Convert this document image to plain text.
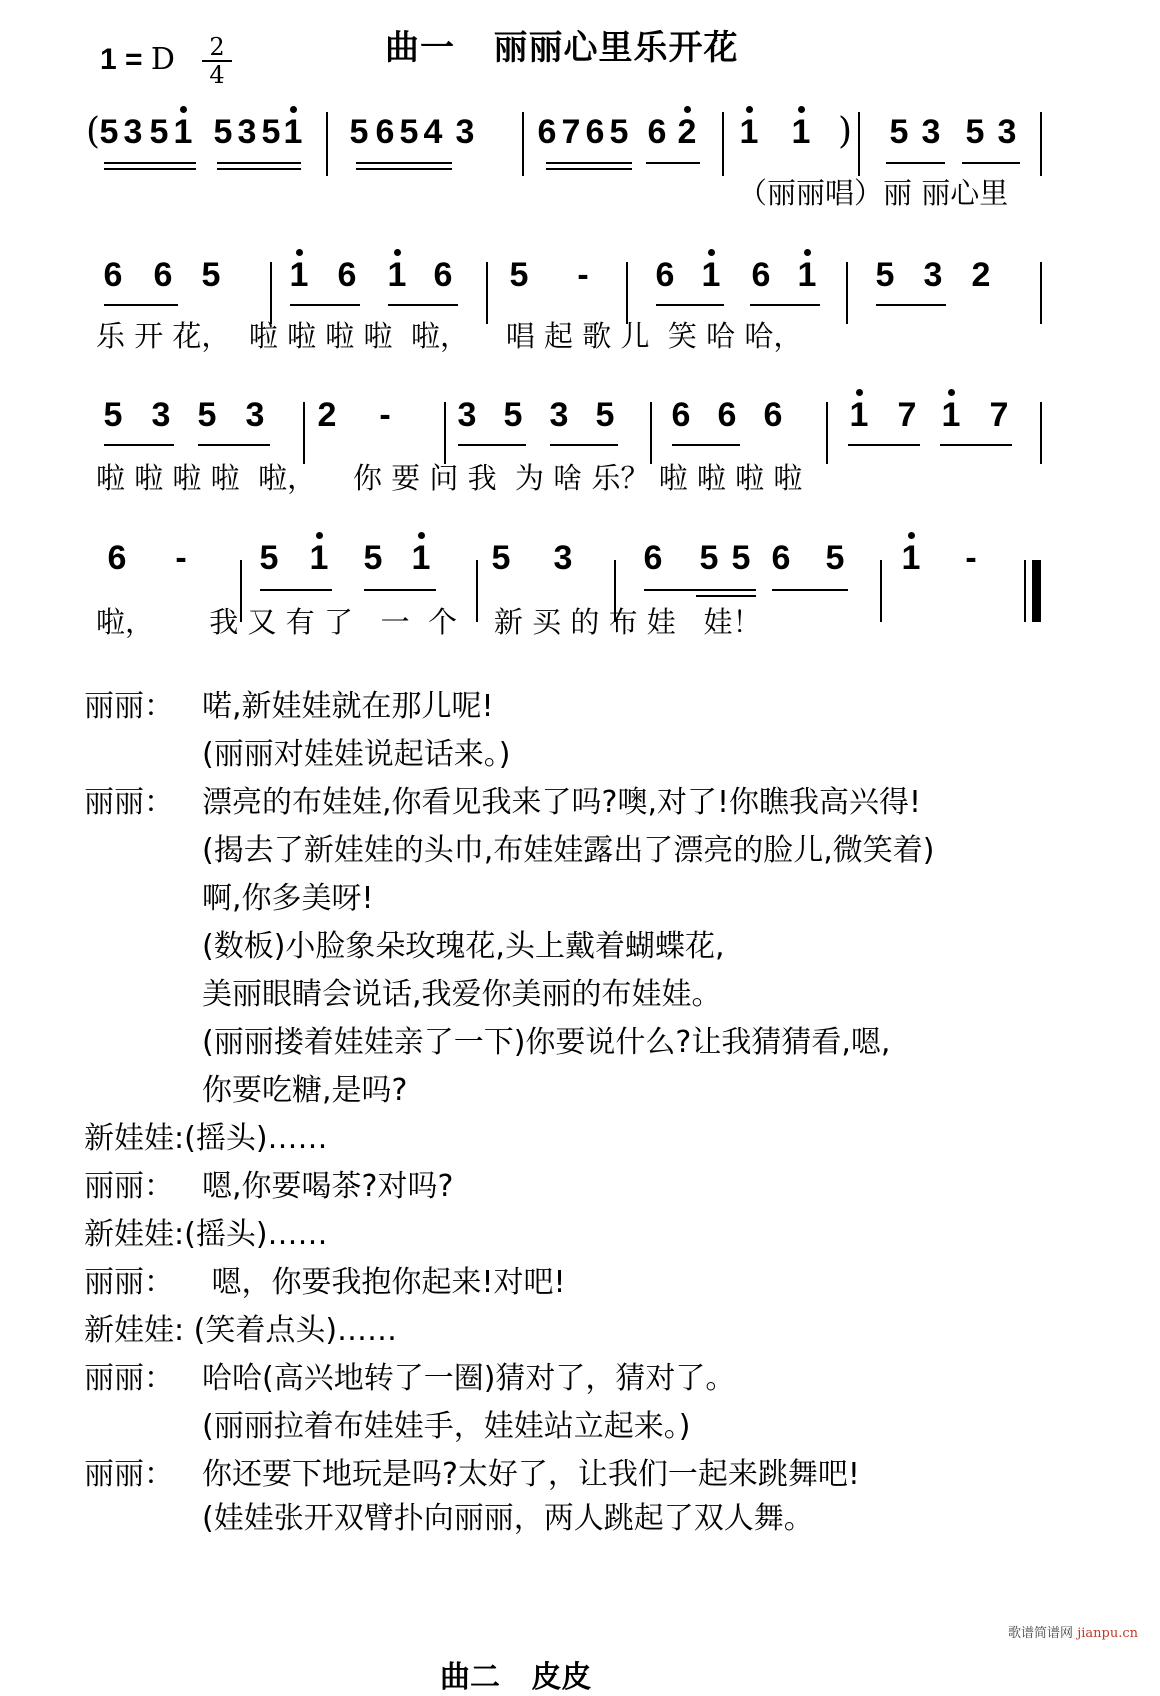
1 = D $\frac{2}{4}$	曲一   丽丽心里乐开花
( 5 3 5 1 5 3 5 1 5 6 5 4 3 6 7 6 5 6 2 1 1 ) 5 3 5 3
6 6 5 1 6 1 6 5 - 6 1 6 1 5 3 2
5 3 5 3 2 - 3 5 3 5 6 6 6 1 7 1 7
6 - 5 1 5 1 5 3 6 5 5 6 5 1 -
（丽丽唱）丽 丽心里
乐 开 花，  啦 啦 啦 啦  啦，    唱 起 歌 儿  笑 哈 哈，
啦 啦 啦 啦  啦，    你 要 问 我  为 啥 乐？ 啦 啦 啦 啦
啦，      我 又 有 了   一  个    新 买 的 布 娃   娃！
丽丽： 喏,新娃娃就在那儿呢!
(丽丽对娃娃说起话来。)
丽丽： 漂亮的布娃娃,你看见我来了吗?噢,对了!你瞧我高兴得!
(揭去了新娃娃的头巾,布娃娃露出了漂亮的脸儿,微笑着)
啊,你多美呀!
(数板)小脸象朵玫瑰花,头上戴着蝴蝶花,
美丽眼睛会说话,我爱你美丽的布娃娃。
(丽丽搂着娃娃亲了一下)你要说什么?让我猜猜看,嗯,
你要吃糖,是吗?
新娃娃:(摇头)……
丽丽： 嗯,你要喝茶?对吗?
新娃娃:(摇头)……
丽丽： 嗯，你要我抱你起来!对吧!
新娃娃: (笑着点头)……
丽丽： 哈哈(高兴地转了一圈)猜对了，猜对了。
(丽丽拉着布娃娃手，娃娃站立起来。)
丽丽： 你还要下地玩是吗?太好了，让我们一起来跳舞吧!
(娃娃张开双臂扑向丽丽，两人跳起了双人舞。
歌谱简谱网 jianpu.cn
曲二   皮皮
